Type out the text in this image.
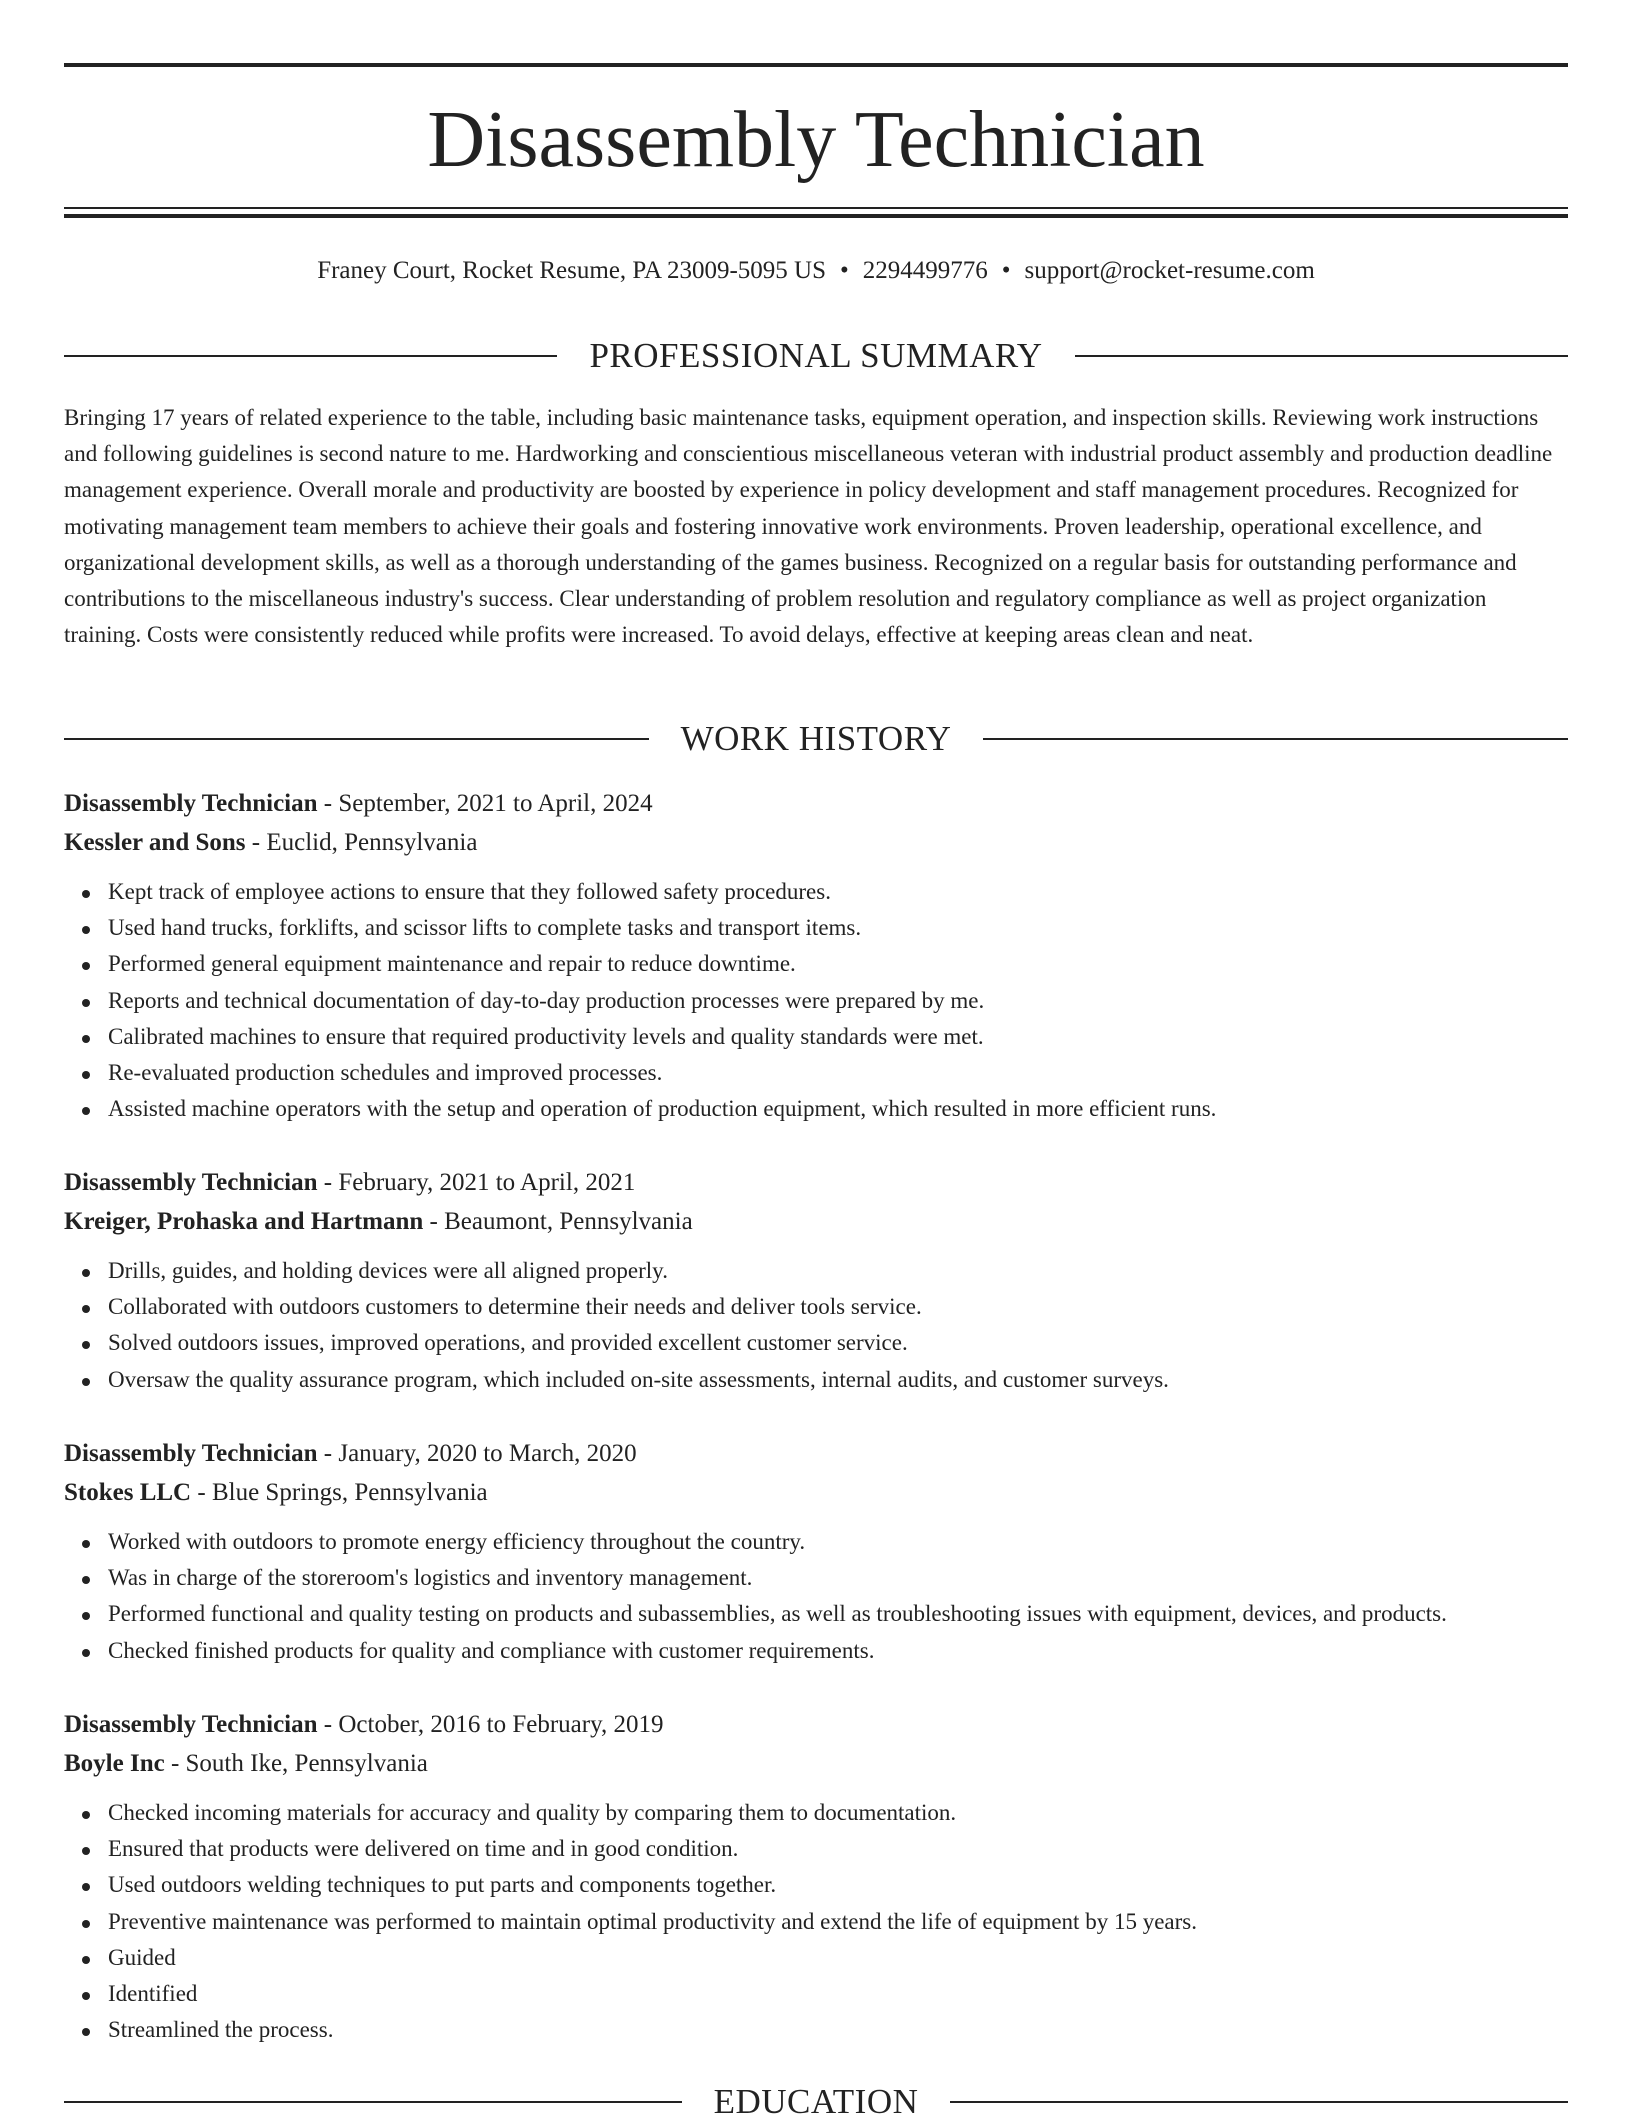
Disassembly Technician
Franey Court, Rocket Resume, PA 23009-5095 US • 2294499776 • support@rocket-resume.com
PROFESSIONAL SUMMARY

Bringing 17 years of related experience to the table, including basic maintenance tasks, equipment operation, and inspection skills. Reviewing work instructions and following guidelines is second nature to me. Hardworking and conscientious miscellaneous veteran with industrial product assembly and production deadline management experience. Overall morale and productivity are boosted by experience in policy development and staff management procedures. Recognized for motivating management team members to achieve their goals and fostering innovative work environments. Proven leadership, operational excellence, and organizational development skills, as well as a thorough understanding of the games business. Recognized on a regular basis for outstanding performance and contributions to the miscellaneous industry's success. Clear understanding of problem resolution and regulatory compliance as well as project organization training. Costs were consistently reduced while profits were increased. To avoid delays, effective at keeping areas clean and neat.

WORK HISTORY
Disassembly Technician - September, 2021 to April, 2024
Kessler and Sons - Euclid, Pennsylvania
Kept track of employee actions to ensure that they followed safety procedures.
Used hand trucks, forklifts, and scissor lifts to complete tasks and transport items.
Performed general equipment maintenance and repair to reduce downtime.
Reports and technical documentation of day-to-day production processes were prepared by me.
Calibrated machines to ensure that required productivity levels and quality standards were met.
Re-evaluated production schedules and improved processes.
Assisted machine operators with the setup and operation of production equipment, which resulted in more efficient runs.
Disassembly Technician - February, 2021 to April, 2021
Kreiger, Prohaska and Hartmann - Beaumont, Pennsylvania
Drills, guides, and holding devices were all aligned properly.
Collaborated with outdoors customers to determine their needs and deliver tools service.
Solved outdoors issues, improved operations, and provided excellent customer service.
Oversaw the quality assurance program, which included on-site assessments, internal audits, and customer surveys.
Disassembly Technician - January, 2020 to March, 2020
Stokes LLC - Blue Springs, Pennsylvania
Worked with outdoors to promote energy efficiency throughout the country.
Was in charge of the storeroom's logistics and inventory management.
Performed functional and quality testing on products and subassemblies, as well as troubleshooting issues with equipment, devices, and products.
Checked finished products for quality and compliance with customer requirements.
Disassembly Technician - October, 2016 to February, 2019
Boyle Inc - South Ike, Pennsylvania
Checked incoming materials for accuracy and quality by comparing them to documentation.
Ensured that products were delivered on time and in good condition.
Used outdoors welding techniques to put parts and components together.
Preventive maintenance was performed to maintain optimal productivity and extend the life of equipment by 15 years.
Guided
Identified
Streamlined the process.
EDUCATION
